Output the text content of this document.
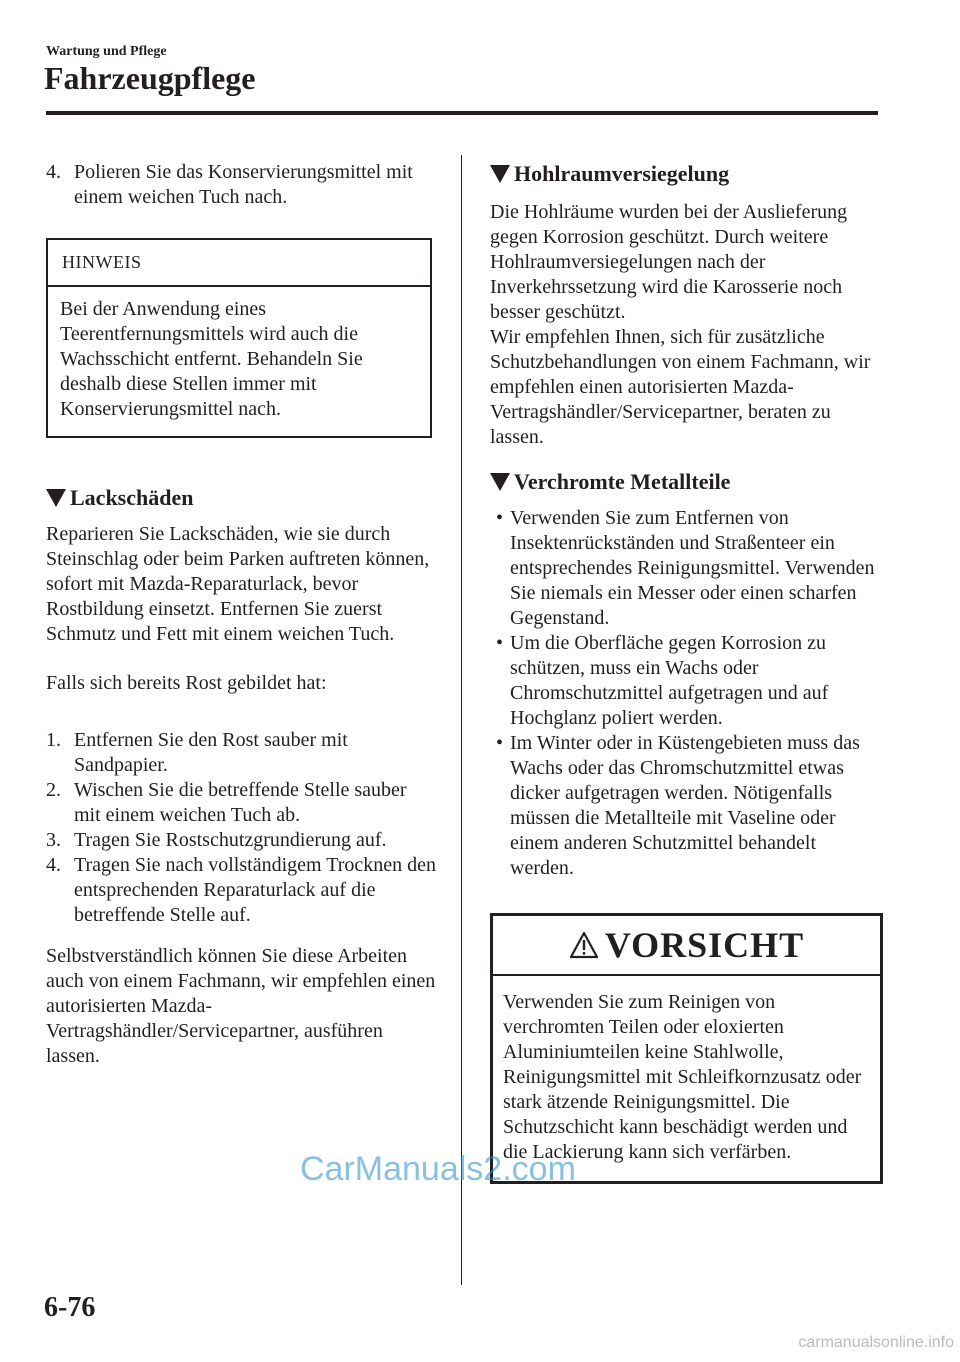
Wartung und Pflege
Fahrzeugpflege
4. Polieren Sie das Konservierungsmittel mit einem weichen Tuch nach.
HINWEIS
Bei der Anwendung eines Teerentfernungsmittels wird auch die Wachsschicht entfernt. Behandeln Sie deshalb diese Stellen immer mit Konservierungsmittel nach.
Lackschäden

Reparieren Sie Lackschäden, wie sie durch Steinschlag oder beim Parken auftreten können, sofort mit Mazda-Reparaturlack, bevor Rostbildung einsetzt. Entfernen Sie zuerst Schmutz und Fett mit einem weichen Tuch.

Falls sich bereits Rost gebildet hat:

1. Entfernen Sie den Rost sauber mit Sandpapier.
2. Wischen Sie die betreffende Stelle sauber mit einem weichen Tuch ab.
3. Tragen Sie Rostschutzgrundierung auf.
4. Tragen Sie nach vollständigem Trocknen den entsprechenden Reparaturlack auf die betreffende Stelle auf.

Selbstverständlich können Sie diese Arbeiten auch von einem Fachmann, wir empfehlen einen autorisierten Mazda-Vertragshändler/Servicepartner, ausführen lassen.

Hohlraumversiegelung

Die Hohlräume wurden bei der Auslieferung gegen Korrosion geschützt. Durch weitere Hohlraumversiegelungen nach der Inverkehrssetzung wird die Karosserie noch besser geschützt.

Wir empfehlen Ihnen, sich für zusätzliche Schutzbehandlungen von einem Fachmann, wir empfehlen einen autorisierten Mazda-Vertragshändler/Servicepartner, beraten zu lassen.

Verchromte Metallteile
• Verwenden Sie zum Entfernen von Insektenrückständen und Straßenteer ein entsprechendes Reinigungsmittel. Verwenden Sie niemals ein Messer oder einen scharfen Gegenstand.
• Um die Oberfläche gegen Korrosion zu schützen, muss ein Wachs oder Chromschutzmittel aufgetragen und auf Hochglanz poliert werden.
• Im Winter oder in Küstengebieten muss das Wachs oder das Chromschutzmittel etwas dicker aufgetragen werden. Nötigenfalls müssen die Metallteile mit Vaseline oder einem anderen Schutzmittel behandelt werden.
VORSICHT
Verwenden Sie zum Reinigen von verchromten Teilen oder eloxierten Aluminiumteilen keine Stahlwolle, Reinigungsmittel mit Schleifkornzusatz oder stark ätzende Reinigungsmittel. Die Schutzschicht kann beschädigt werden und die Lackierung kann sich verfärben.
6-76
CarManuals2.com
carmanualsonline.info
